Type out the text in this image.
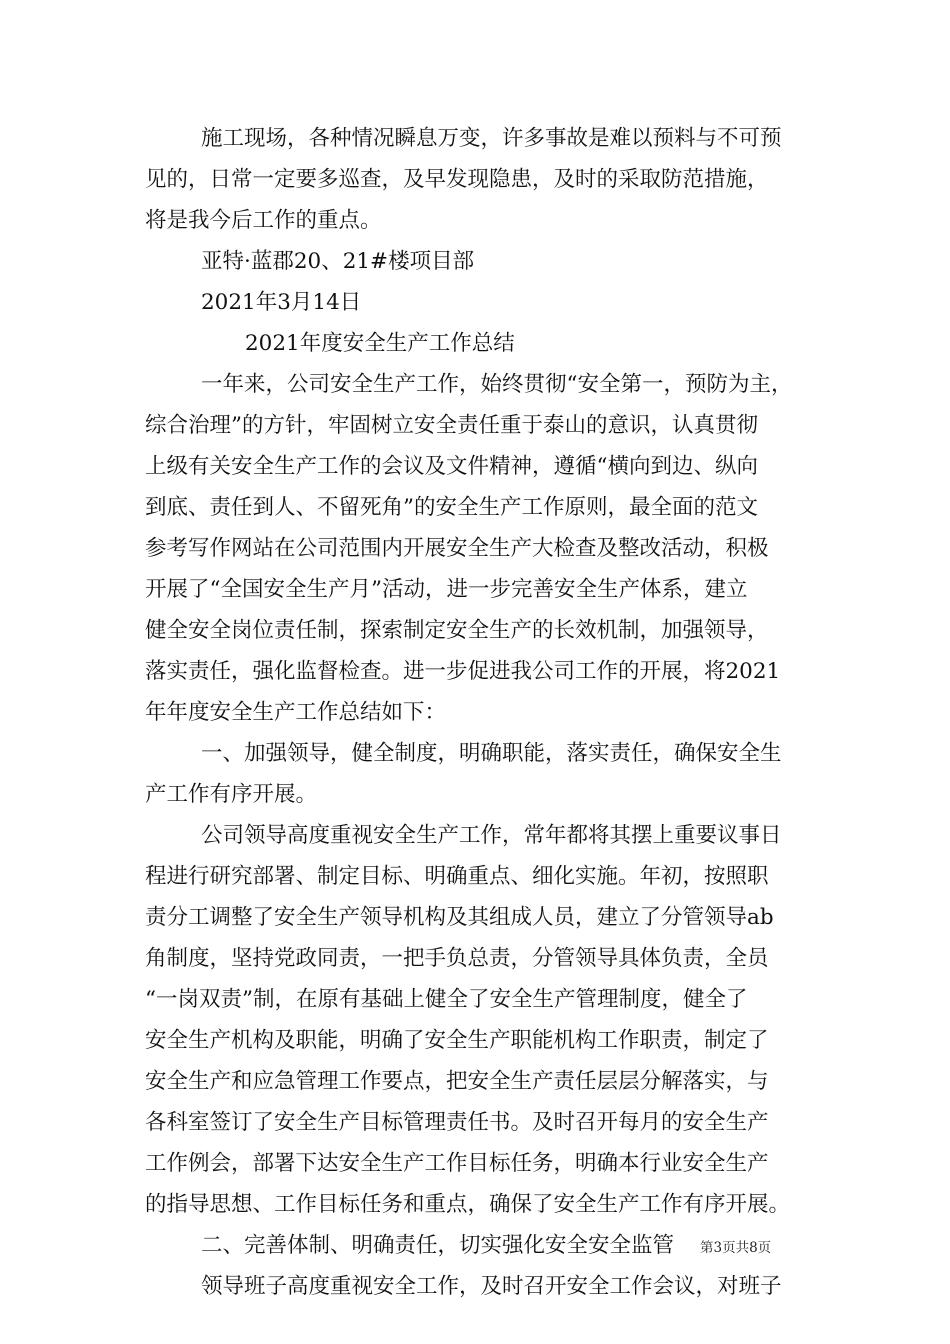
施工现场，各种情况瞬息万变，许多事故是难以预料与不可预
见的，日常一定要多巡查，及早发现隐患，及时的采取防范措施，
将是我今后工作的重点。
亚特·蓝郡20、21#楼项目部
2021年3月14日
2021年度安全生产工作总结
一年来，公司安全生产工作，始终贯彻“安全第一，预防为主，
综合治理”的方针，牢固树立安全责任重于泰山的意识，认真贯彻
上级有关安全生产工作的会议及文件精神，遵循“横向到边、纵向
到底、责任到人、不留死角”的安全生产工作原则，最全面的范文
参考写作网站在公司范围内开展安全生产大检查及整改活动，积极
开展了“全国安全生产月”活动，进一步完善安全生产体系，建立
健全安全岗位责任制，探索制定安全生产的长效机制，加强领导，
落实责任，强化监督检查。进一步促进我公司工作的开展，将2021
年年度安全生产工作总结如下：
一、加强领导，健全制度，明确职能，落实责任，确保安全生
产工作有序开展。
公司领导高度重视安全生产工作，常年都将其摆上重要议事日
程进行研究部署、制定目标、明确重点、细化实施。年初，按照职
责分工调整了安全生产领导机构及其组成人员，建立了分管领导ab
角制度，坚持党政同责，一把手负总责，分管领导具体负责，全员
“一岗双责”制，在原有基础上健全了安全生产管理制度，健全了
安全生产机构及职能，明确了安全生产职能机构工作职责，制定了
安全生产和应急管理工作要点，把安全生产责任层层分解落实，与
各科室签订了安全生产目标管理责任书。及时召开每月的安全生产
工作例会，部署下达安全生产工作目标任务，明确本行业安全生产
的指导思想、工作目标任务和重点，确保了安全生产工作有序开展。
二、完善体制、明确责任，切实强化安全安全监管
领导班子高度重视安全工作，及时召开安全工作会议，对班子
第3页共8页
